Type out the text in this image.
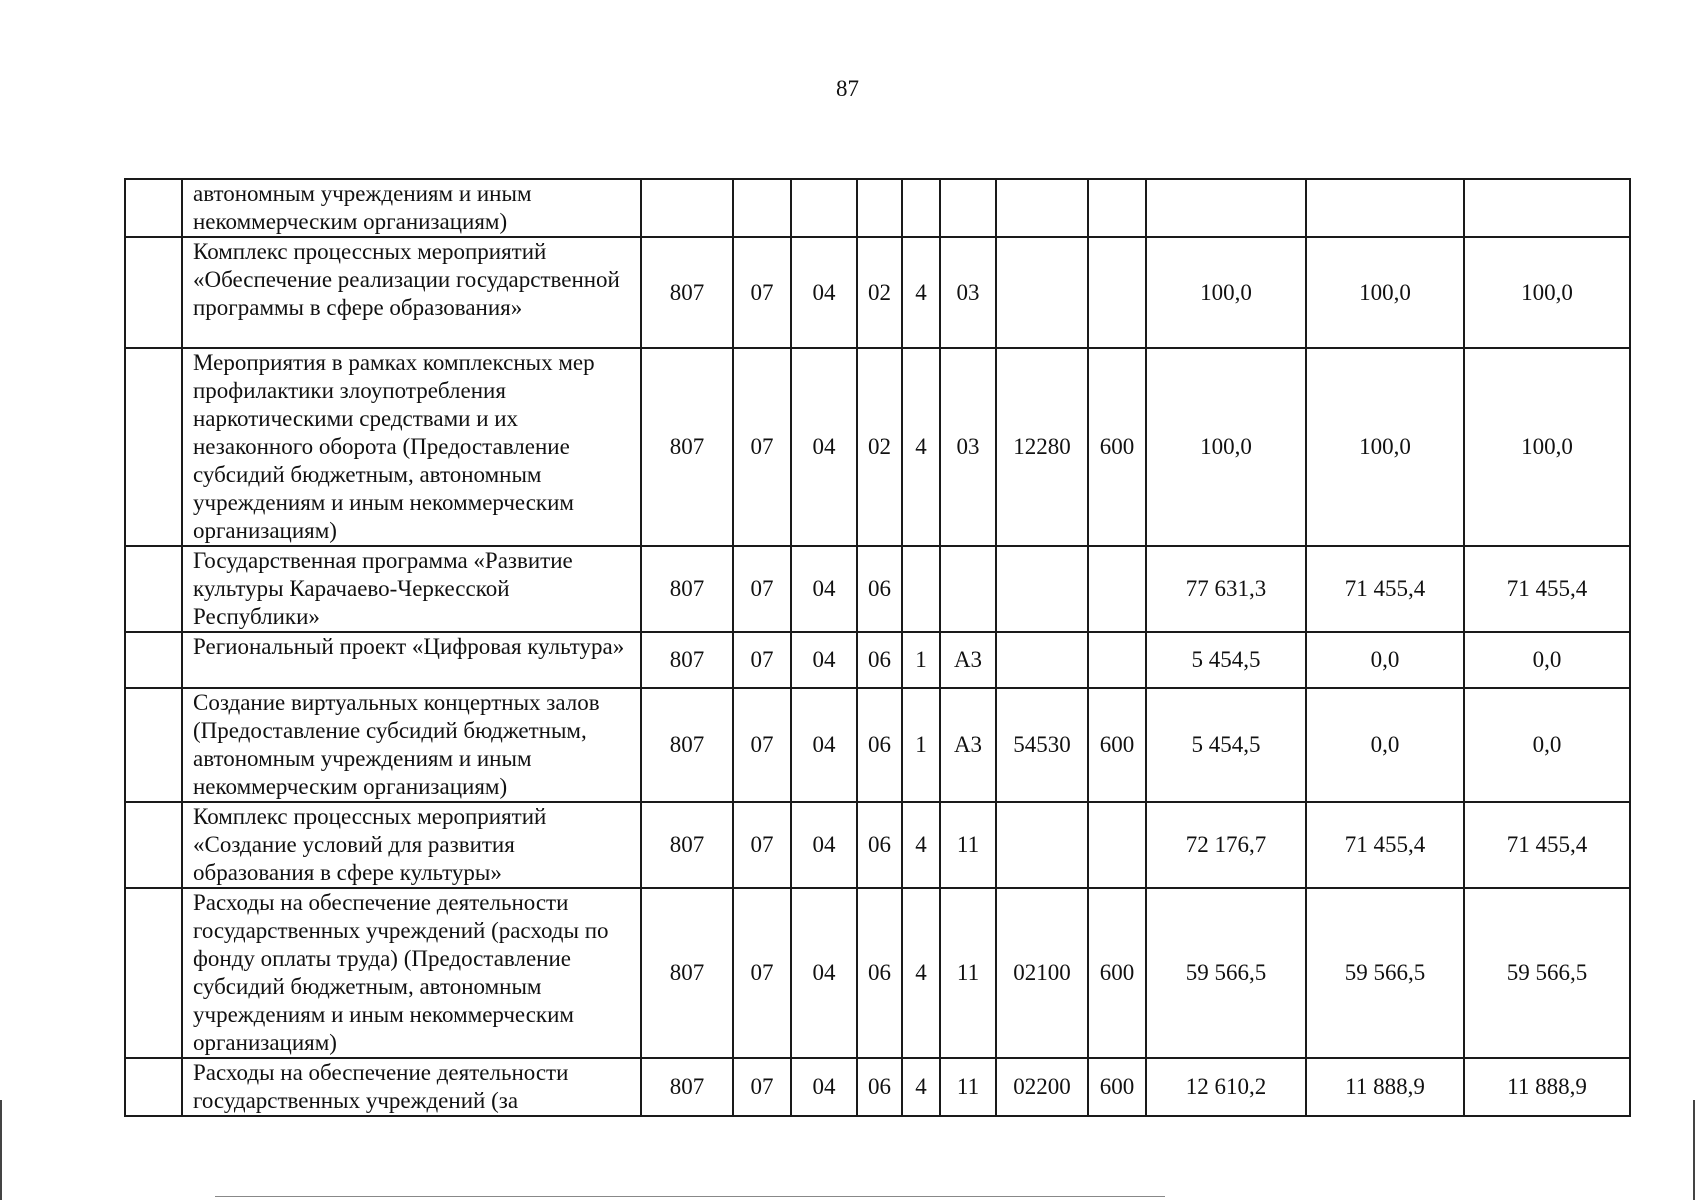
87
	автономным учреждениям и иным некоммерческим организациям)											
	Комплекс процессных мероприятий «Обеспечение реализации государственной программы в сфере образования»	807	07	04	02	4	03			100,0	100,0	100,0
	Мероприятия в рамках комплексных мер профилактики злоупотребления наркотическими средствами и их незаконного оборота (Предоставление субсидий бюджетным, автономным учреждениям и иным некоммерческим организациям)	807	07	04	02	4	03	12280	600	100,0	100,0	100,0
	Государственная программа «Развитие культуры Карачаево-Черкесской Республики»	807	07	04	06					77 631,3	71 455,4	71 455,4
	Региональный проект «Цифровая культура»	807	07	04	06	1	А3			5 454,5	0,0	0,0
	Создание виртуальных концертных залов (Предоставление субсидий бюджетным, автономным учреждениям и иным некоммерческим организациям)	807	07	04	06	1	А3	54530	600	5 454,5	0,0	0,0
	Комплекс процессных мероприятий «Создание условий для развития образования в сфере культуры»	807	07	04	06	4	11			72 176,7	71 455,4	71 455,4
	Расходы на обеспечение деятельности государственных учреждений (расходы по фонду оплаты труда) (Предоставление субсидий бюджетным, автономным учреждениям и иным некоммерческим организациям)	807	07	04	06	4	11	02100	600	59 566,5	59 566,5	59 566,5
	Расходы на обеспечение деятельности государственных учреждений (за	807	07	04	06	4	11	02200	600	12 610,2	11 888,9	11 888,9
